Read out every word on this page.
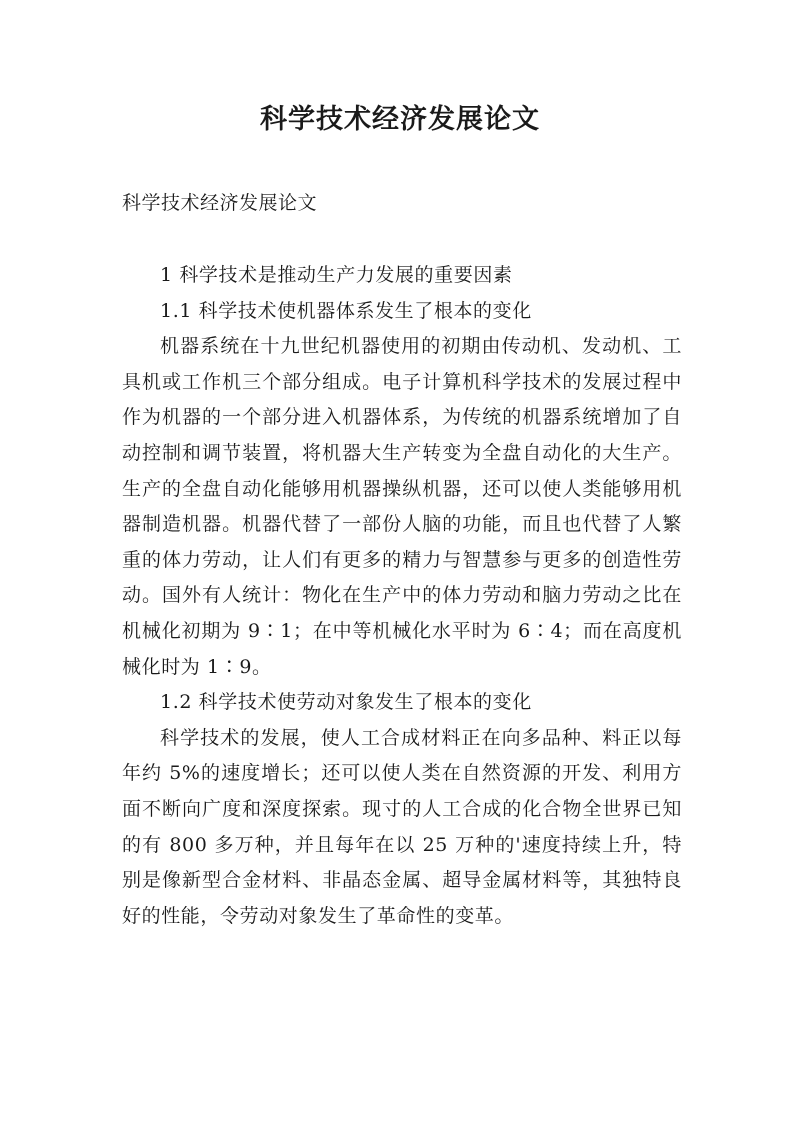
科学技术经济发展论文
科学技术经济发展论文

1 科学技术是推动生产力发展的重要因素

1.1 科学技术使机器体系发生了根本的变化

机器系统在十九世纪机器使用的初期由传动机、发动机、工具机或工作机三个部分组成。电子计算机科学技术的发展过程中作为机器的一个部分进入机器体系，为传统的机器系统增加了自动控制和调节装置，将机器大生产转变为全盘自动化的大生产。生产的全盘自动化能够用机器操纵机器，还可以使人类能够用机器制造机器。机器代替了一部份人脑的功能，而且也代替了人繁重的体力劳动，让人们有更多的精力与智慧参与更多的创造性劳动。国外有人统计：物化在生产中的体力劳动和脑力劳动之比在机械化初期为 9∶1；在中等机械化水平时为 6∶4；而在高度机械化时为 1∶9。

1.2 科学技术使劳动对象发生了根本的变化

科学技术的发展，使人工合成材料正在向多品种、料正以每年约 5%的速度增长；还可以使人类在自然资源的开发、利用方面不断向广度和深度探索。现寸的人工合成的化合物全世界已知的有 800 多万种，并且每年在以 25 万种的'速度持续上升，特别是像新型合金材料、非晶态金属、超导金属材料等，其独特良好的性能，令劳动对象发生了革命性的变革。
